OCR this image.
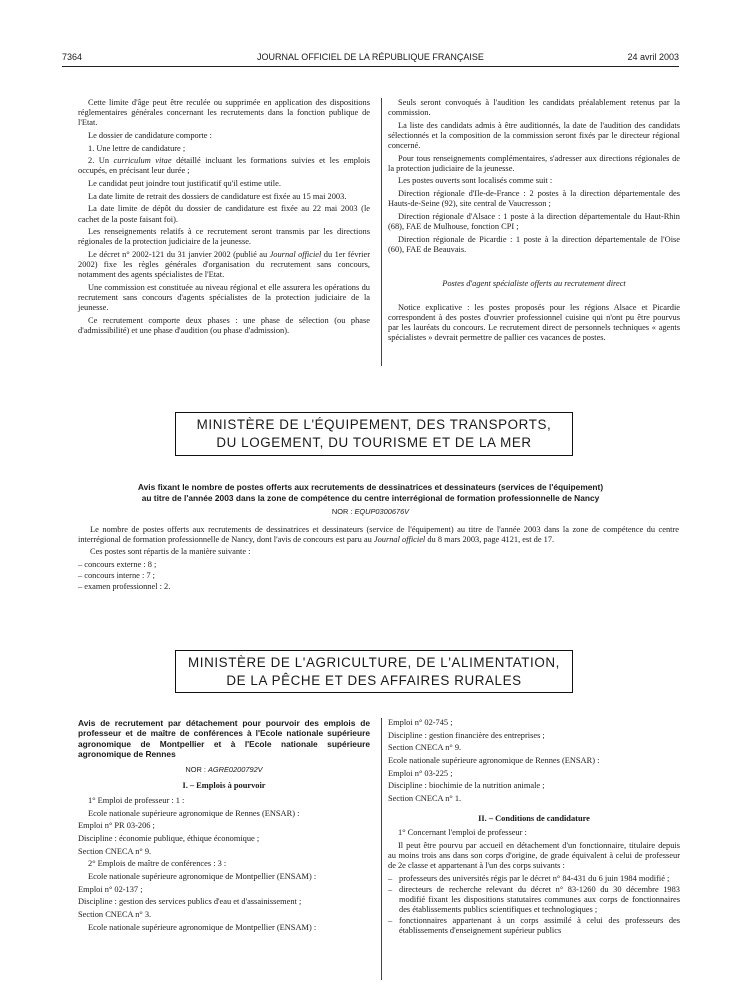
7364	JOURNAL OFFICIEL DE LA RÉPUBLIQUE FRANÇAISE	24 avril 2003

Cette limite d'âge peut être reculée ou supprimée en application des dispositions réglementaires générales concernant les recrutements dans la fonction publique de l'Etat.

Le dossier de candidature comporte :

1. Une lettre de candidature ;

2. Un curriculum vitae détaillé incluant les formations suivies et les emplois occupés, en précisant leur durée ;

Le candidat peut joindre tout justificatif qu'il estime utile.

La date limite de retrait des dossiers de candidature est fixée au 15 mai 2003.

La date limite de dépôt du dossier de candidature est fixée au 22 mai 2003 (le cachet de la poste faisant foi).

Les renseignements relatifs à ce recrutement seront transmis par les directions régionales de la protection judiciaire de la jeunesse.

Le décret n° 2002-121 du 31 janvier 2002 (publié au Journal officiel du 1er février 2002) fixe les règles générales d'organisation du recrutement sans concours, notamment des agents spécialistes de l'Etat.

Une commission est constituée au niveau régional et elle assurera les opérations du recrutement sans concours d'agents spécialistes de la protection judiciaire de la jeunesse.

Ce recrutement comporte deux phases : une phase de sélection (ou phase d'admissibilité) et une phase d'audition (ou phase d'admission).

Seuls seront convoqués à l'audition les candidats préalablement retenus par la commission.

La liste des candidats admis à être auditionnés, la date de l'audition des candidats sélectionnés et la composition de la commission seront fixés par le directeur régional concerné.

Pour tous renseignements complémentaires, s'adresser aux directions régionales de la protection judiciaire de la jeunesse.

Les postes ouverts sont localisés comme suit :

Direction régionale d'Ile-de-France : 2 postes à la direction départementale des Hauts-de-Seine (92), site central de Vaucresson ;

Direction régionale d'Alsace : 1 poste à la direction départementale du Haut-Rhin (68), FAE de Mulhouse, fonction CPI ;

Direction régionale de Picardie : 1 poste à la direction départementale de l'Oise (60), FAE de Beauvais.

Postes d'agent spécialiste offerts au recrutement direct

Notice explicative : les postes proposés pour les régions Alsace et Picardie correspondent à des postes d'ouvrier professionnel cuisine qui n'ont pu être pourvus par les lauréats du concours. Le recrutement direct de personnels techniques « agents spécialistes » devrait permettre de pallier ces vacances de postes.

MINISTÈRE DE L'ÉQUIPEMENT, DES TRANSPORTS,
DU LOGEMENT, DU TOURISME ET DE LA MER
Avis fixant le nombre de postes offerts aux recrutements de dessinatrices et dessinateurs (services de l'équipement)
au titre de l'année 2003 dans la zone de compétence du centre interrégional de formation professionnelle de Nancy
NOR : EQUP0300676V

Le nombre de postes offerts aux recrutements de dessinatrices et dessinateurs (service de l'équipement) au titre de l'année 2003 dans la zone de compétence du centre interrégional de formation professionnelle de Nancy, dont l'avis de concours est paru au Journal officiel du 8 mars 2003, page 4121, est de 17.

Ces postes sont répartis de la manière suivante :

– concours externe : 8 ;
– concours interne : 7 ;
– examen professionnel : 2.
MINISTÈRE DE L'AGRICULTURE, DE L'ALIMENTATION,
DE LA PÊCHE ET DES AFFAIRES RURALES
Avis de recrutement par détachement pour pourvoir des emplois de professeur et de maître de conférences à l'Ecole nationale supérieure agronomique de Montpellier et à l'Ecole nationale supérieure agronomique de Rennes
NOR : AGRE0200792V

I. – Emplois à pourvoir

1° Emploi de professeur : 1 :

Ecole nationale supérieure agronomique de Rennes (ENSAR) :

Emploi n° PR 03-206 ;

Discipline : économie publique, éthique économique ;

Section CNECA n° 9.

2° Emplois de maître de conférences : 3 :

Ecole nationale supérieure agronomique de Montpellier (ENSAM) :

Emploi n° 02-137 ;

Discipline : gestion des services publics d'eau et d'assainissement ;

Section CNECA n° 3.

Ecole nationale supérieure agronomique de Montpellier (ENSAM) :

Emploi n° 02-745 ;

Discipline : gestion financière des entreprises ;

Section CNECA n° 9.

Ecole nationale supérieure agronomique de Rennes (ENSAR) :

Emploi n° 03-225 ;

Discipline : biochimie de la nutrition animale ;

Section CNECA n° 1.

II. – Conditions de candidature

1° Concernant l'emploi de professeur :

Il peut être pourvu par accueil en détachement d'un fonctionnaire, titulaire depuis au moins trois ans dans son corps d'origine, de grade équivalent à celui de professeur de 2e classe et appartenant à l'un des corps suivants :

– professeurs des universités régis par le décret n° 84-431 du 6 juin 1984 modifié ;
– directeurs de recherche relevant du décret n° 83-1260 du 30 décembre 1983 modifié fixant les dispositions statutaires communes aux corps de fonctionnaires des établissements publics scientifiques et technologiques ;
– fonctionnaires appartenant à un corps assimilé à celui des professeurs des établissements d'enseignement supérieur publics
